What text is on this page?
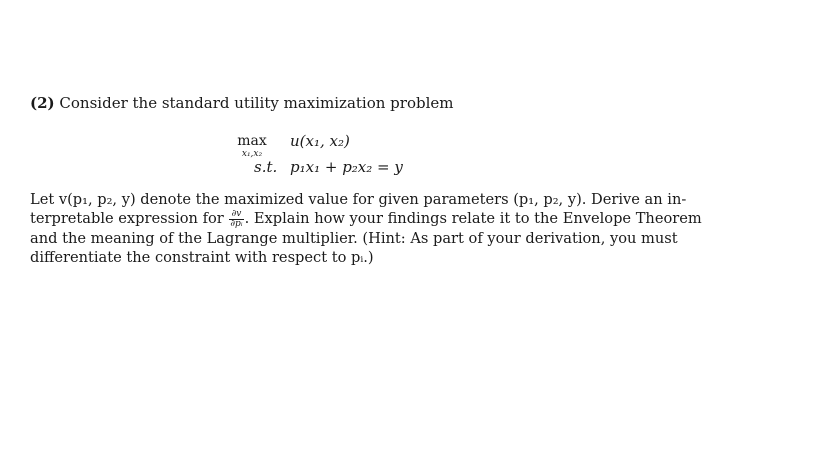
(2) Consider the standard utility maximization problem
max
x₁,x₂
u(x₁, x₂)
s.t. p₁x₁ + p₂x₂ = y
Let v(p₁, p₂, y) denote the maximized value for given parameters (p₁, p₂, y). Derive an in-
terpretable expression for $\frac{\partial v}{\text{∂pᵢ}}$ . Explain how your findings relate it to the Envelope Theorem
and the meaning of the Lagrange multiplier. (Hint: As part of your derivation, you must
differentiate the constraint with respect to pᵢ.)
